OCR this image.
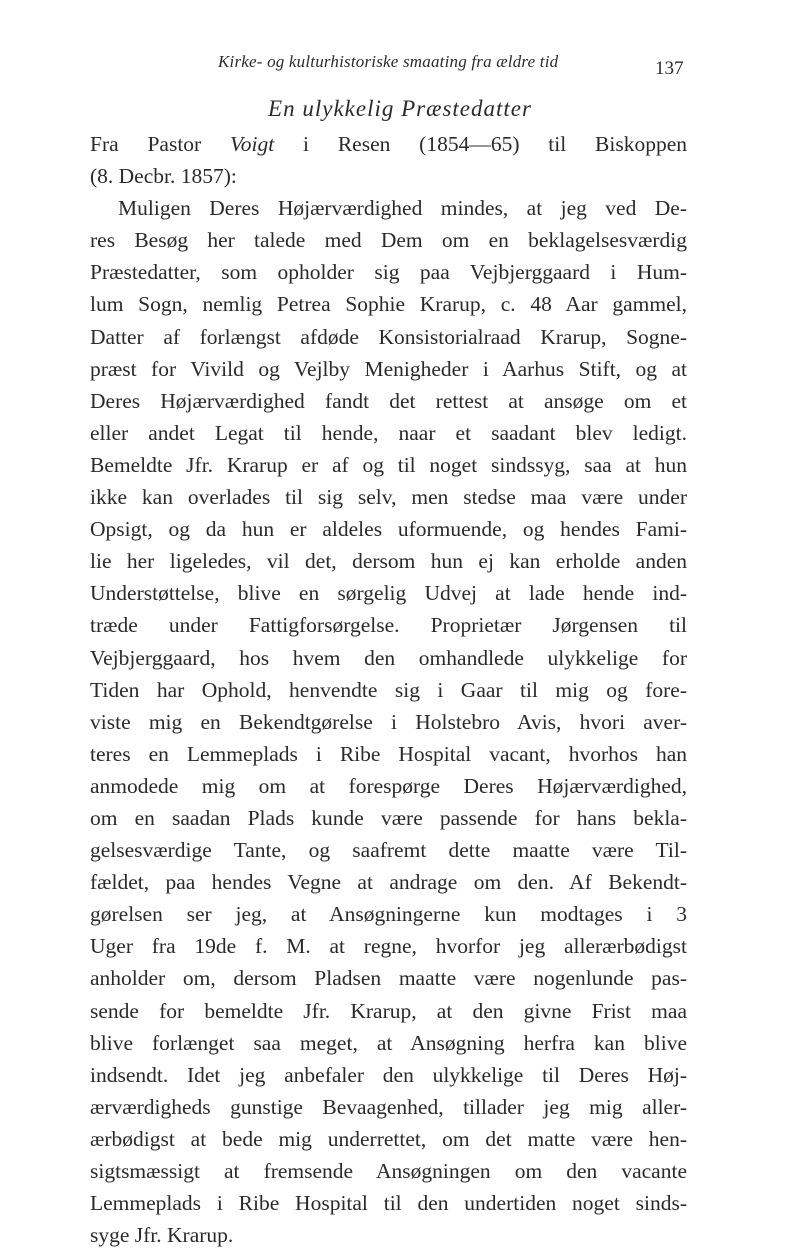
Kirke- og kulturhistoriske smaating fra ældre tid	137
En ulykkelig Præstedatter
Fra Pastor Voigt i Resen (1854—65) til Biskoppen
(8. Decbr. 1857):
Muligen Deres Højærværdighed mindes, at jeg ved De-
res Besøg her talede med Dem om en beklagelsesværdig
Præstedatter, som opholder sig paa Vejbjerggaard i Hum-
lum Sogn, nemlig Petrea Sophie Krarup, c. 48 Aar gammel,
Datter af forlængst afdøde Konsistorialraad Krarup, Sogne-
præst for Vivild og Vejlby Menigheder i Aarhus Stift, og at
Deres Højærværdighed fandt det rettest at ansøge om et
eller andet Legat til hende, naar et saadant blev ledigt.
Bemeldte Jfr. Krarup er af og til noget sindssyg, saa at hun
ikke kan overlades til sig selv, men stedse maa være under
Opsigt, og da hun er aldeles uformuende, og hendes Fami-
lie her ligeledes, vil det, dersom hun ej kan erholde anden
Understøttelse, blive en sørgelig Udvej at lade hende ind-
træde under Fattigforsørgelse. Proprietær Jørgensen til
Vejbjerggaard, hos hvem den omhandlede ulykkelige for
Tiden har Ophold, henvendte sig i Gaar til mig og fore-
viste mig en Bekendtgørelse i Holstebro Avis, hvori aver-
teres en Lemmeplads i Ribe Hospital vacant, hvorhos han
anmodede mig om at forespørge Deres Højærværdighed,
om en saadan Plads kunde være passende for hans bekla-
gelsesværdige Tante, og saafremt dette maatte være Til-
fældet, paa hendes Vegne at andrage om den. Af Bekendt-
gørelsen ser jeg, at Ansøgningerne kun modtages i 3
Uger fra 19de f. M. at regne, hvorfor jeg allerærbødigst
anholder om, dersom Pladsen maatte være nogenlunde pas-
sende for bemeldte Jfr. Krarup, at den givne Frist maa
blive forlænget saa meget, at Ansøgning herfra kan blive
indsendt. Idet jeg anbefaler den ulykkelige til Deres Høj-
ærværdigheds gunstige Bevaagenhed, tillader jeg mig aller-
ærbødigst at bede mig underrettet, om det matte være hen-
sigtsmæssigt at fremsende Ansøgningen om den vacante
Lemmeplads i Ribe Hospital til den undertiden noget sinds-
syge Jfr. Krarup.
